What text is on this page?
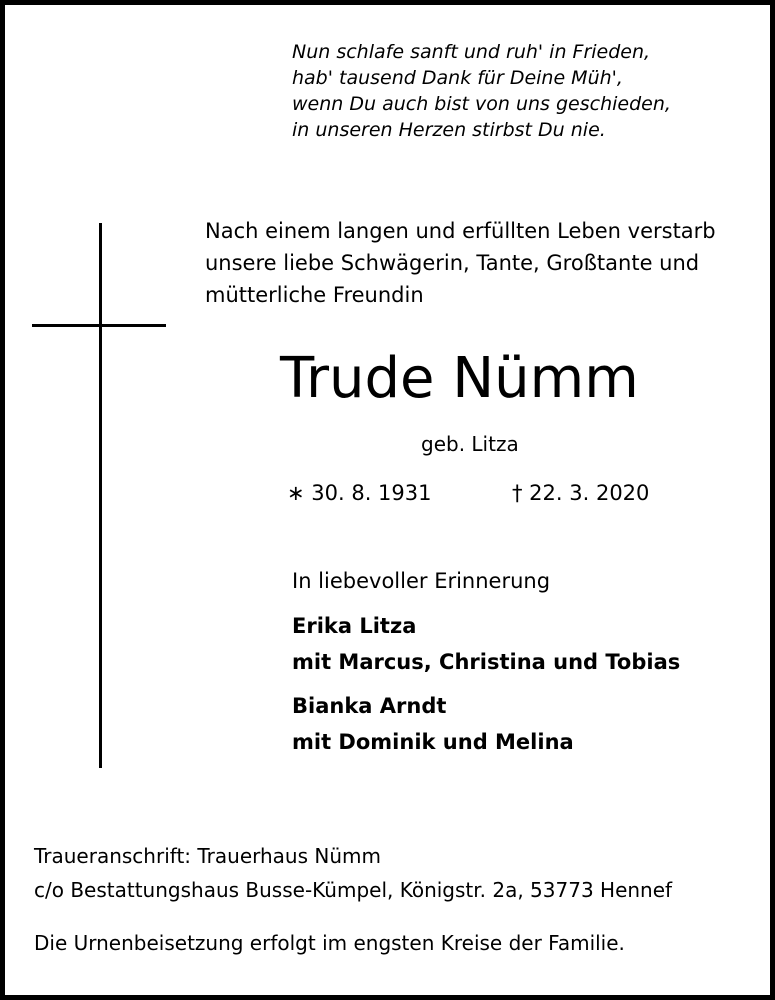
Nun schlafe sanft und ruh' in Frieden,
hab' tausend Dank für Deine Müh',
wenn Du auch bist von uns geschieden,
in unseren Herzen stirbst Du nie.
Nach einem langen und erfüllten Leben verstarb
unsere liebe Schwägerin, Tante, Großtante und
mütterliche Freundin
Trude Nümm
geb. Litza
∗ 30. 8. 1931	† 22. 3. 2020
In liebevoller Erinnerung
Erika Litza
mit Marcus, Christina und Tobias
Bianka Arndt
mit Dominik und Melina
Traueranschrift: Trauerhaus Nümm
c/o Bestattungshaus Busse-Kümpel, Königstr. 2a, 53773 Hennef
Die Urnenbeisetzung erfolgt im engsten Kreise der Familie.
